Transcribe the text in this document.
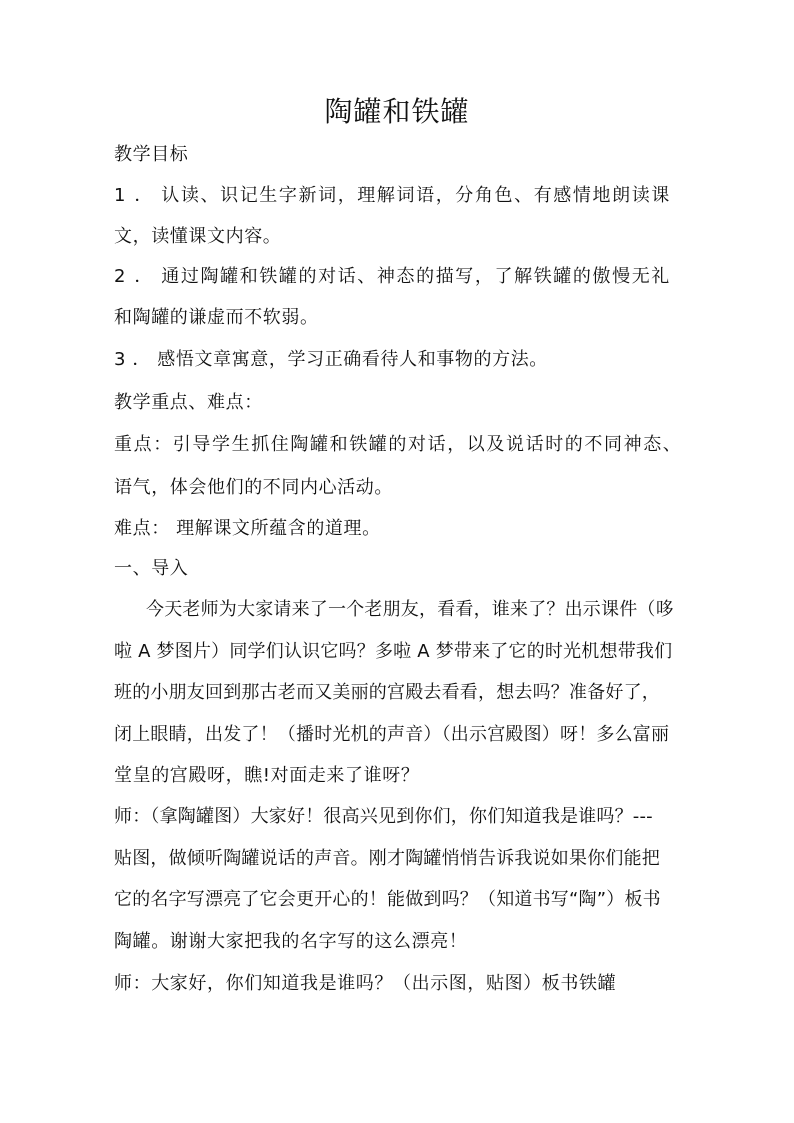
陶罐和铁罐
教学目标
1 ． 认读、识记生字新词，理解词语，分角色、有感情地朗读课
文，读懂课文内容。
2 ． 通过陶罐和铁罐的对话、神态的描写，了解铁罐的傲慢无礼
和陶罐的谦虚而不软弱。
3 ． 感悟文章寓意，学习正确看待人和事物的方法。
教学重点、难点：
重点：引导学生抓住陶罐和铁罐的对话，以及说话时的不同神态、
语气，体会他们的不同内心活动。
难点： 理解课文所蕴含的道理。
一、导入
今天老师为大家请来了一个老朋友，看看，谁来了？出示课件（哆
啦 A 梦图片）同学们认识它吗？多啦 A 梦带来了它的时光机想带我们
班的小朋友回到那古老而又美丽的宫殿去看看，想去吗？准备好了，
闭上眼睛，出发了！（播时光机的声音）（出示宫殿图）呀！多么富丽
堂皇的宫殿呀，瞧!对面走来了谁呀？
师：（拿陶罐图）大家好！很高兴见到你们，你们知道我是谁吗？---
贴图，做倾听陶罐说话的声音。刚才陶罐悄悄告诉我说如果你们能把
它的名字写漂亮了它会更开心的！能做到吗？（知道书写“陶”）板书
陶罐。谢谢大家把我的名字写的这么漂亮！
师：大家好，你们知道我是谁吗？（出示图，贴图）板书铁罐
